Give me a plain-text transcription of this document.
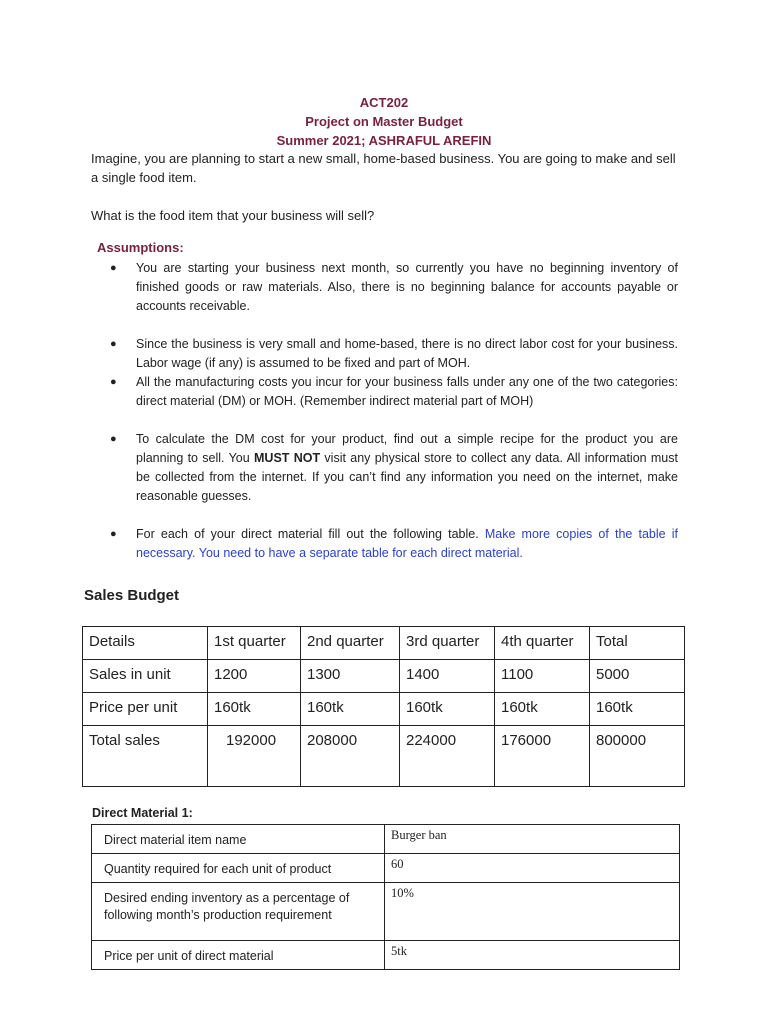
ACT202
Project on Master Budget
Summer 2021; ASHRAFUL AREFIN
Imagine, you are planning to start a new small, home-based business. You are going to make and sell a single food item.
What is the food item that your business will sell?
Assumptions:
● You are starting your business next month, so currently you have no beginning inventory of finished goods or raw materials. Also, there is no beginning balance for accounts payable or accounts receivable.
● Since the business is very small and home-based, there is no direct labor cost for your business. Labor wage (if any) is assumed to be fixed and part of MOH.
● All the manufacturing costs you incur for your business falls under any one of the two categories: direct material (DM) or MOH. (Remember indirect material part of MOH)
● To calculate the DM cost for your product, find out a simple recipe for the product you are planning to sell. You MUST NOT visit any physical store to collect any data. All information must be collected from the internet. If you can’t find any information you need on the internet, make reasonable guesses.
● For each of your direct material fill out the following table. Make more copies of the table if necessary. You need to have a separate table for each direct material.
Sales Budget
Details	1st quarter	2nd quarter	3rd quarter	4th quarter	Total
Sales in unit	1200	1300	1400	1100	5000
Price per unit	160tk	160tk	160tk	160tk	160tk
Total sales	192000	208000	224000	176000	800000
Direct Material 1:
Direct material item name	Burger ban
Quantity required for each unit of product	60
Desired ending inventory as a percentage of following month’s production requirement	10%
Price per unit of direct material	5tk
